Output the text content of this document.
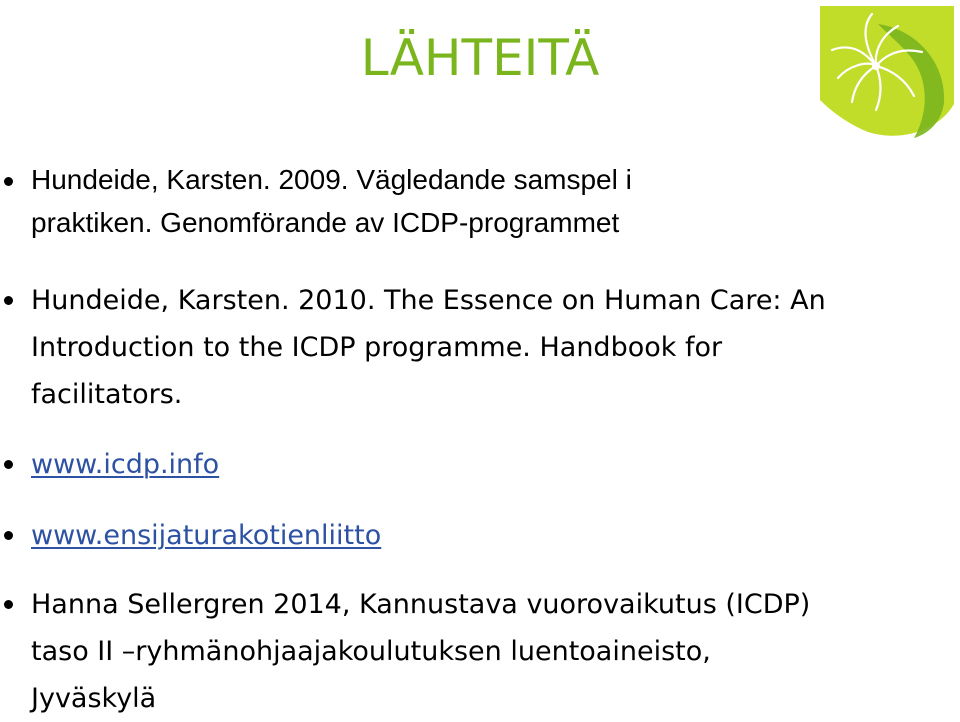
LÄHTEITÄ
Hundeide, Karsten. 2009. Vägledande samspel i
praktiken. Genomförande av ICDP-programmet
Hundeide, Karsten. 2010. The Essence on Human Care: An
Introduction to the ICDP programme. Handbook for
facilitators.
www.icdp.info
www.ensijaturakotienliitto
Hanna Sellergren 2014, Kannustava vuorovaikutus (ICDP)
taso II –ryhmänohjaajakoulutuksen luentoaineisto,
Jyväskylä
